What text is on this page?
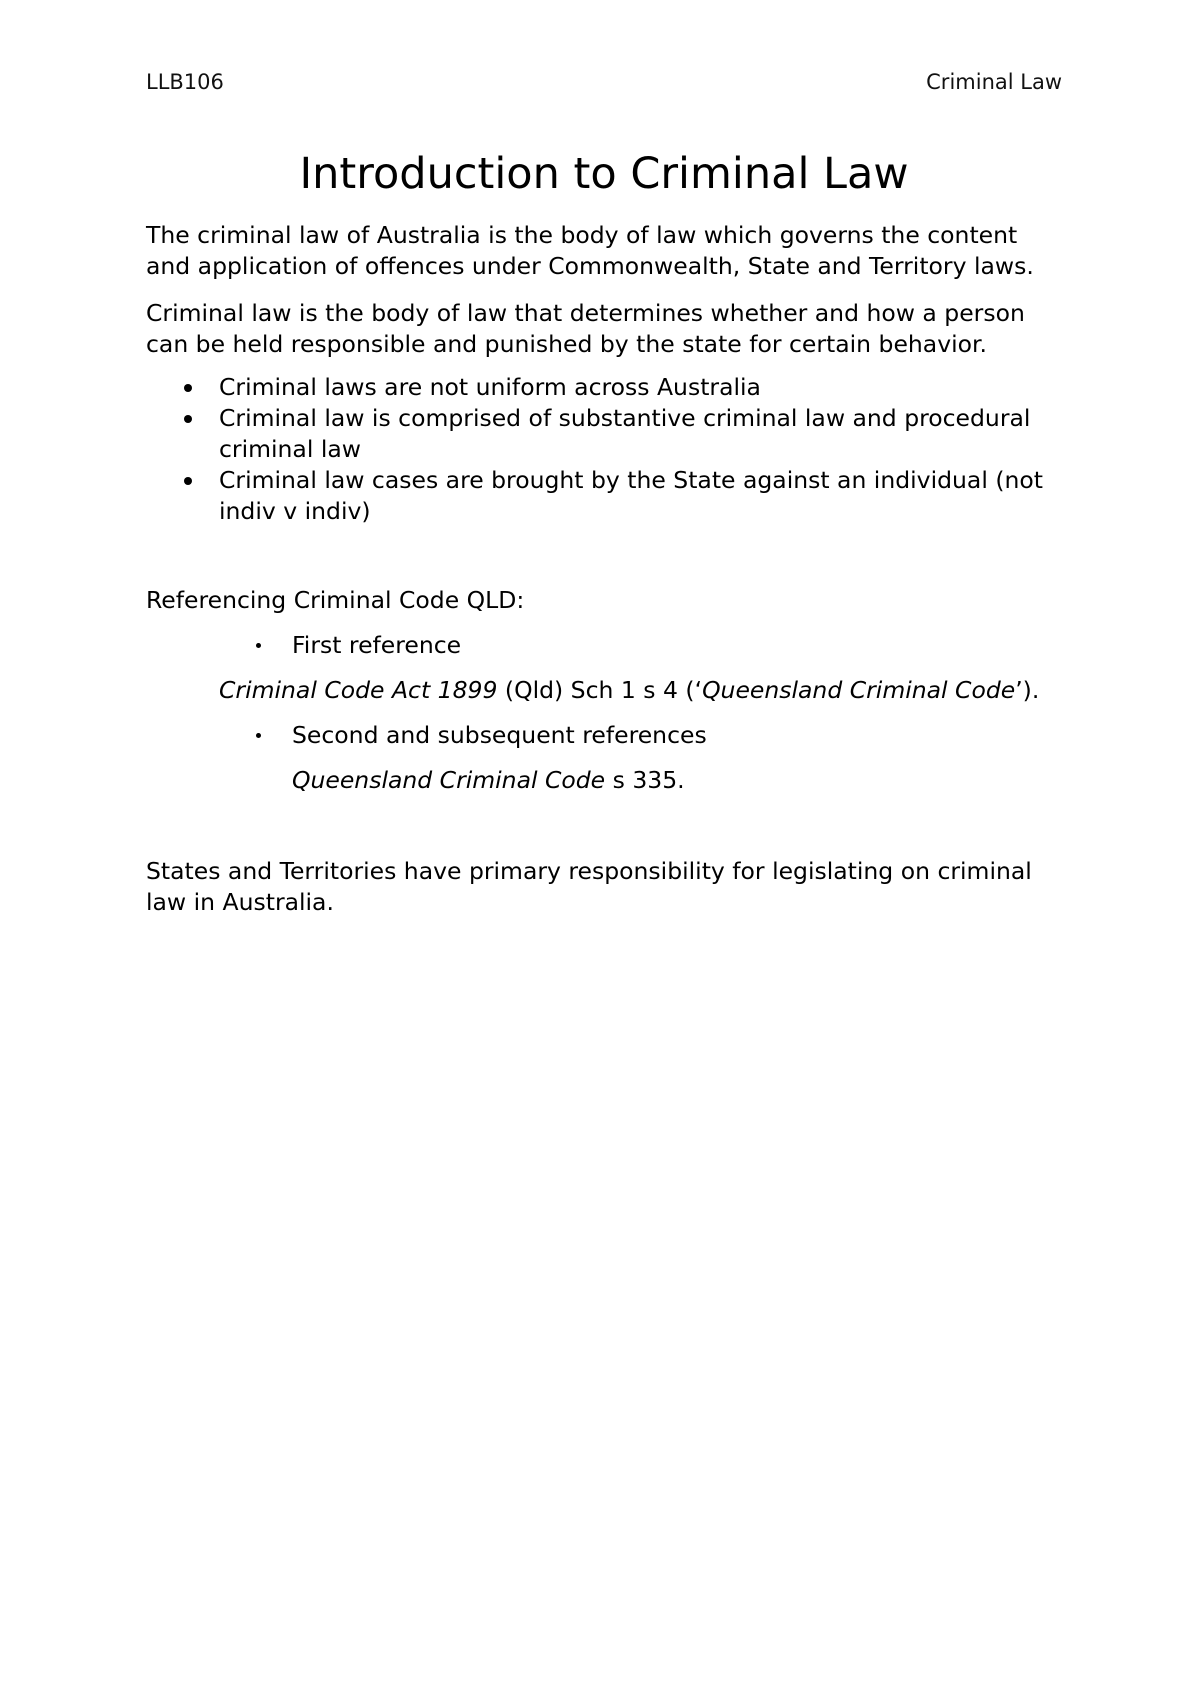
LLB106	Criminal Law
Introduction to Criminal Law

The criminal law of Australia is the body of law which governs the content and application of offences under Commonwealth, State and Territory laws.

Criminal law is the body of law that determines whether and how a person can be held responsible and punished by the state for certain behavior.

Criminal laws are not uniform across Australia
Criminal law is comprised of substantive criminal law and procedural criminal law
Criminal law cases are brought by the State against an individual (not indiv v indiv)

Referencing Criminal Code QLD:

First reference

Criminal Code Act 1899 (Qld) Sch 1 s 4 (‘Queensland Criminal Code’).

Second and subsequent references

Queensland Criminal Code s 335.

States and Territories have primary responsibility for legislating on criminal law in Australia.
